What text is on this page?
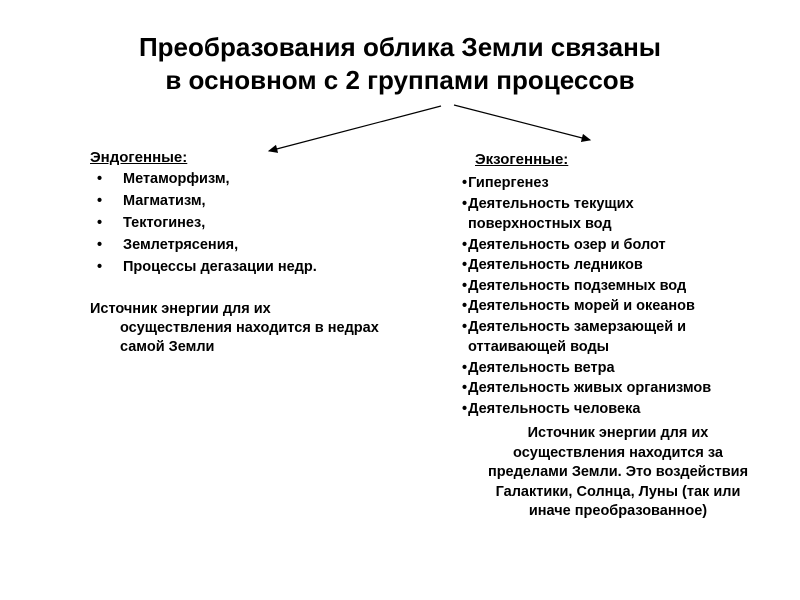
Преобразования облика Земли связаны
в основном с 2 группами процессов
Эндогенные:
• Метаморфизм,
• Магматизм,
• Тектогинез,
• Землетрясения,
• Процессы дегазации недр.
Источник энергии для их
осуществления находится в недрах
самой Земли
Экзогенные:
•Гипергенез
•Деятельность текущих
поверхностных вод
•Деятельность озер и болот
•Деятельность ледников
•Деятельность подземных вод
•Деятельность морей и океанов
•Деятельность замерзающей и
оттаивающей воды
•Деятельность ветра
•Деятельность живых организмов
•Деятельность человека
Источник энергии для их
осуществления находится за
пределами Земли. Это воздействия
Галактики, Солнца, Луны (так или
иначе преобразованное)
